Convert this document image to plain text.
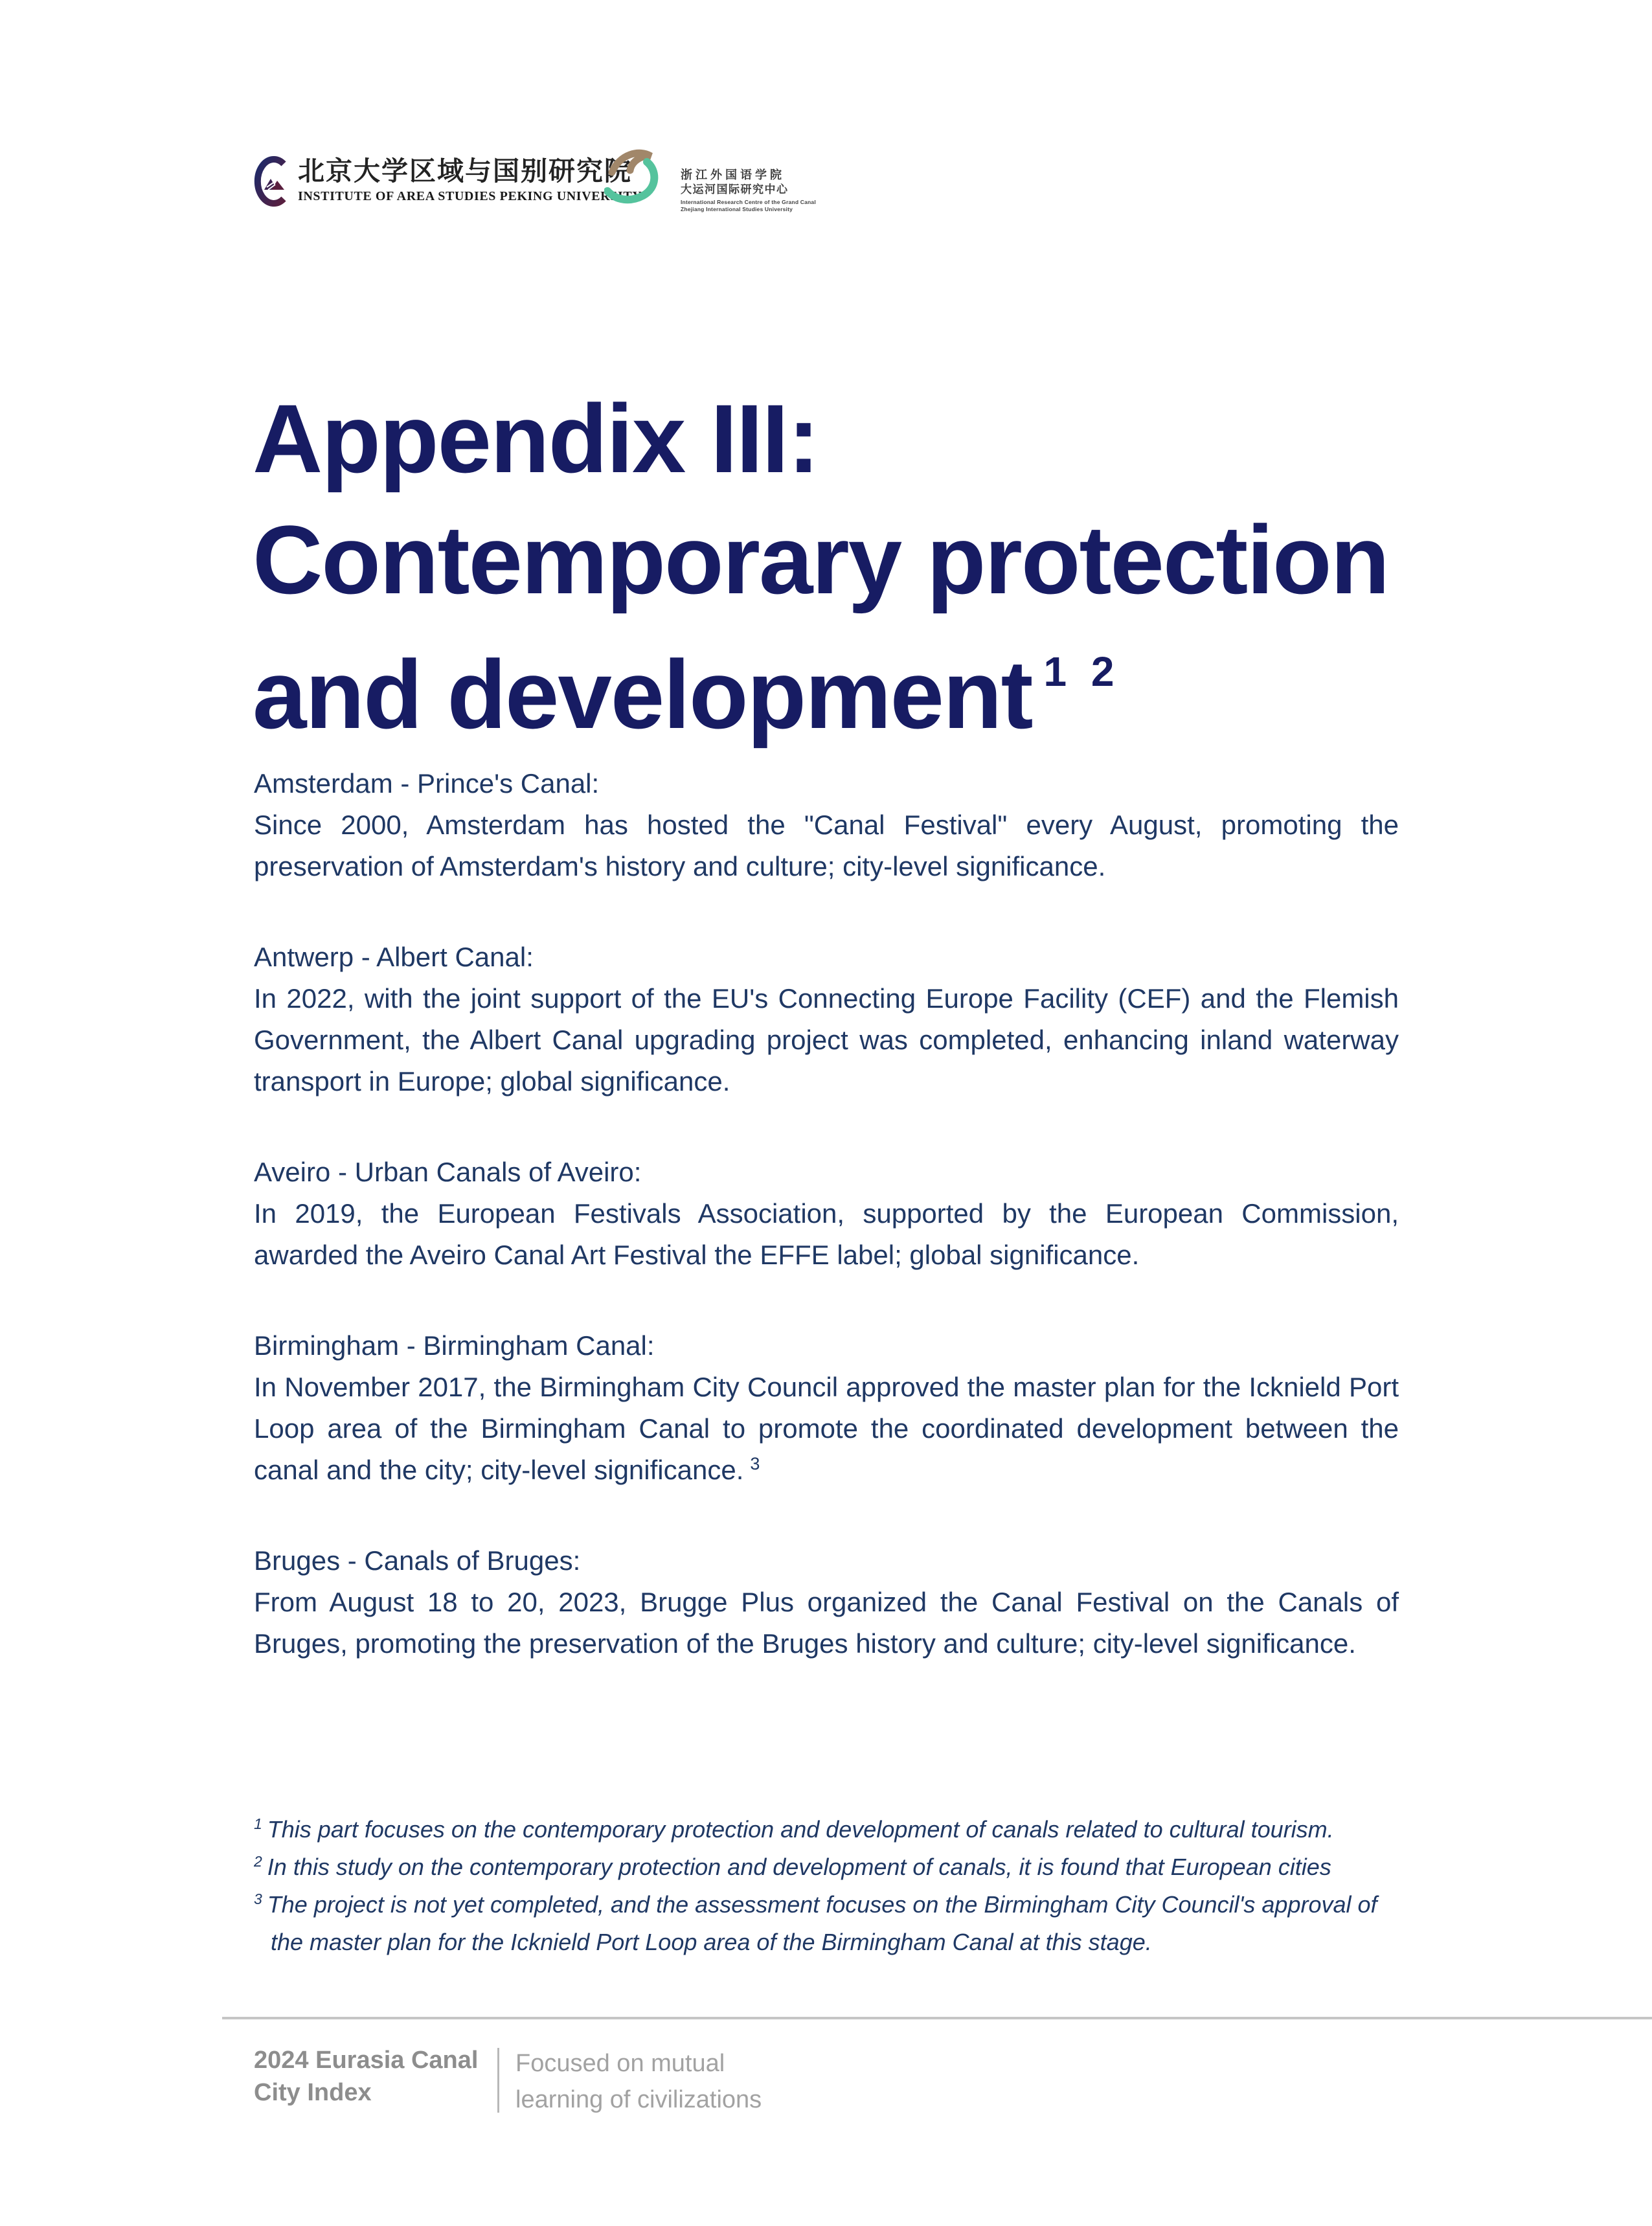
北京大学区域与国别研究院
INSTITUTE OF AREA STUDIES PEKING UNIVERSITY
浙江外国语学院
大运河国际研究中心
International Research Centre of the Grand Canal
Zhejiang International Studies University
Appendix III:
Contemporary protection
and development $^{1 2}$
Amsterdam - Prince's Canal:

Since 2000, Amsterdam has hosted the "Canal Festival" every August, promoting the preservation of Amsterdam's history and culture; city-level significance.

Antwerp - Albert Canal:

In 2022, with the joint support of the EU's Connecting Europe Facility (CEF) and the Flemish Government, the Albert Canal upgrading project was completed, enhancing inland waterway transport in Europe; global significance.

Aveiro - Urban Canals of Aveiro:

In 2019, the European Festivals Association, supported by the European Commission, awarded the Aveiro Canal Art Festival the EFFE label; global significance.

Birmingham - Birmingham Canal:

In November 2017, the Birmingham City Council approved the master plan for the Icknield Port Loop area of the Birmingham Canal to promote the coordinated development between the canal and the city; city-level significance. $^3$

Bruges - Canals of Bruges:

From August 18 to 20, 2023, Brugge Plus organized the Canal Festival on the Canals of Bruges, promoting the preservation of the Bruges history and culture; city-level significance.

$^1$ This part focuses on the contemporary protection and development of canals related to cultural tourism.
$^2$ In this study on the contemporary protection and development of canals, it is found that European cities
$^3$ The project is not yet completed, and the assessment focuses on the Birmingham City Council's approval of the master plan for the Icknield Port Loop area of the Birmingham Canal at this stage.
2024 Eurasia Canal
City Index
Focused on mutual
learning of civilizations
